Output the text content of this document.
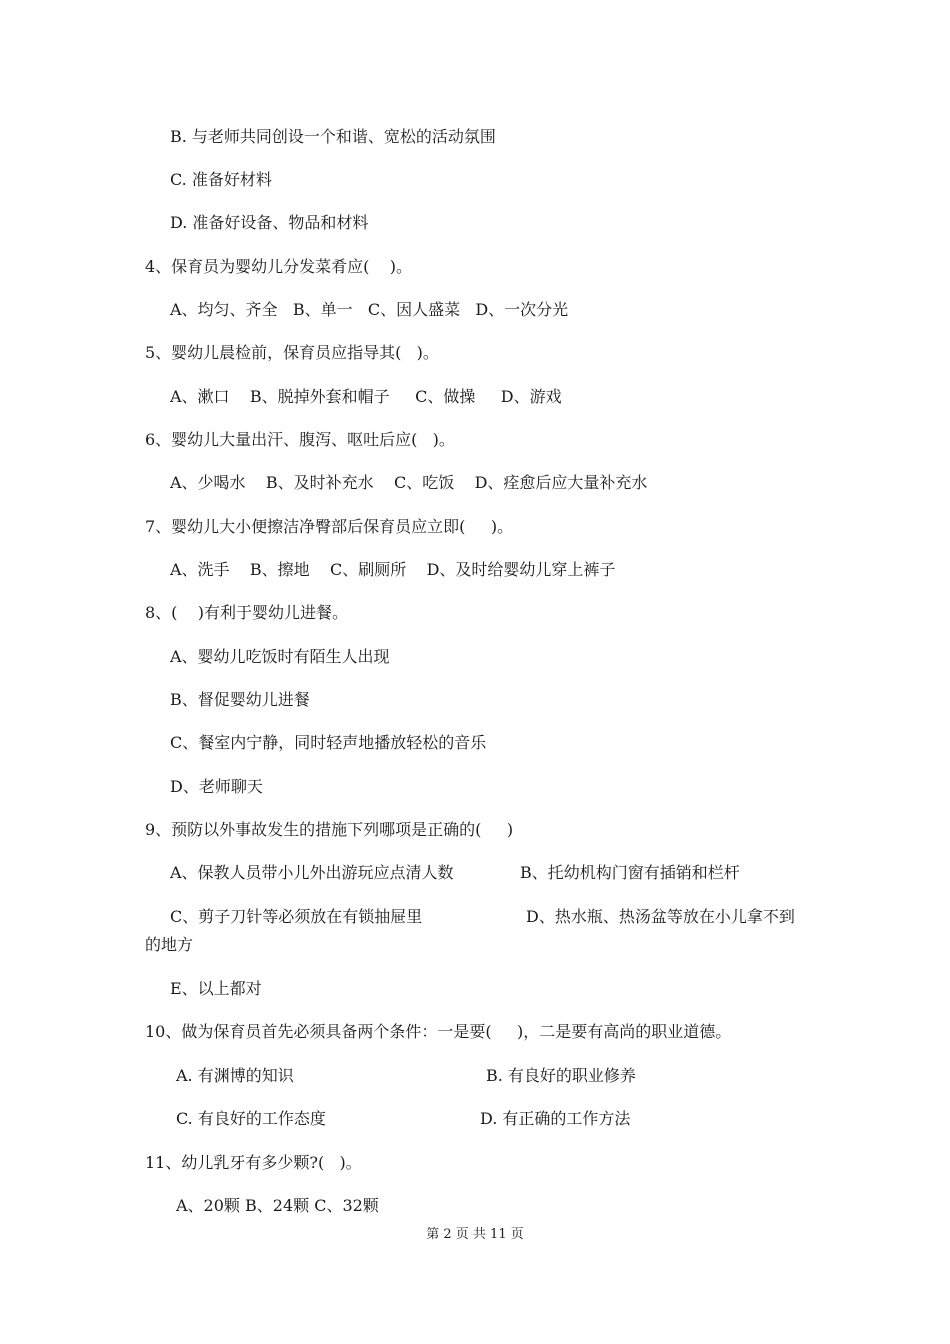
B. 与老师共同创设一个和谐、宽松的活动氛围
C. 准备好材料
D. 准备好设备、物品和材料
4、保育员为婴幼儿分发菜肴应(    )。
A、均匀、齐全   B、单一   C、因人盛菜   D、一次分光
5、婴幼儿晨检前，保育员应指导其(   )。
A、漱口    B、脱掉外套和帽子     C、做操     D、游戏
6、婴幼儿大量出汗、腹泻、呕吐后应(   )。
A、少喝水    B、及时补充水    C、吃饭    D、痊愈后应大量补充水
7、婴幼儿大小便擦洁净臀部后保育员应立即(     )。
A、洗手    B、擦地    C、刷厕所    D、及时给婴幼儿穿上裤子
8、(    )有利于婴幼儿进餐。
A、婴幼儿吃饭时有陌生人出现
B、督促婴幼儿进餐
C、餐室内宁静，同时轻声地播放轻松的音乐
D、老师聊天
9、预防以外事故发生的措施下列哪项是正确的(     )
A、保教人员带小儿外出游玩应点清人数	B、托幼机构门窗有插销和栏杆
C、剪子刀针等必须放在有锁抽屉里	D、热水瓶、热汤盆等放在小儿拿不到
的地方
E、以上都对
10、做为保育员首先必须具备两个条件：一是要(     )，二是要有高尚的职业道德。
A. 有渊博的知识	B. 有良好的职业修养
C. 有良好的工作态度	D. 有正确的工作方法
11、幼儿乳牙有多少颗?(   )。
A、20颗 B、24颗 C、32颗
第 2 页 共 11 页
